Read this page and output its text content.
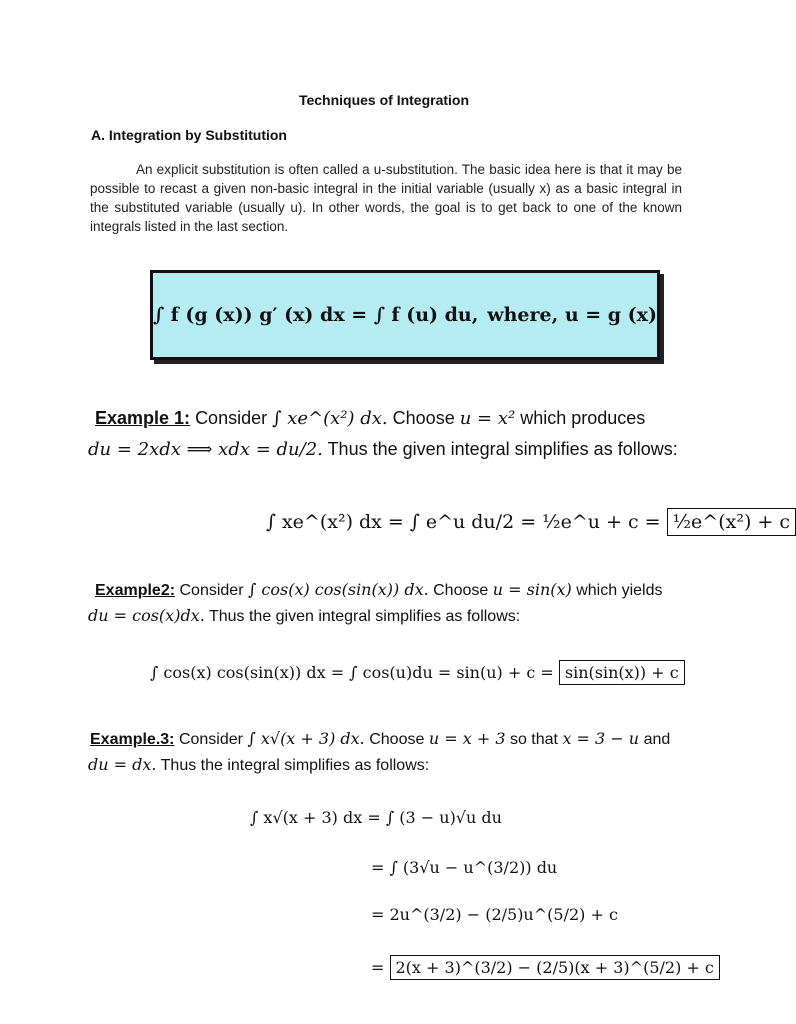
Techniques of Integration
A. Integration by Substitution
An explicit substitution is often called a u-substitution. The basic idea here is that it may be possible to recast a given non-basic integral in the initial variable (usually x) as a basic integral in the substituted variable (usually u). In other words, the goal is to get back to one of the known integrals listed in the last section.
∫ f (g (x)) g′ (x) dx = ∫ f (u) du, where, u = g (x)
Example 1: Consider ∫ xe^(x²) dx. Choose u = x² which produces
du = 2xdx ⟹ xdx = du/2. Thus the given integral simplifies as follows:
∫ xe^(x²) dx = ∫ e^u du/2 = ½e^u + c = ½e^(x²) + c
Example2: Consider ∫ cos(x) cos(sin(x)) dx. Choose u = sin(x) which yields
du = cos(x)dx. Thus the given integral simplifies as follows:
∫ cos(x) cos(sin(x)) dx = ∫ cos(u)du = sin(u) + c = sin(sin(x)) + c
Example.3: Consider ∫ x√(x + 3) dx. Choose u = x + 3 so that x = 3 − u and
du = dx. Thus the integral simplifies as follows:
∫ x√(x + 3) dx = ∫ (3 − u)√u du
= ∫ (3√u − u^(3/2)) du
= 2u^(3/2) − (2/5)u^(5/2) + c
= 2(x + 3)^(3/2) − (2/5)(x + 3)^(5/2) + c
